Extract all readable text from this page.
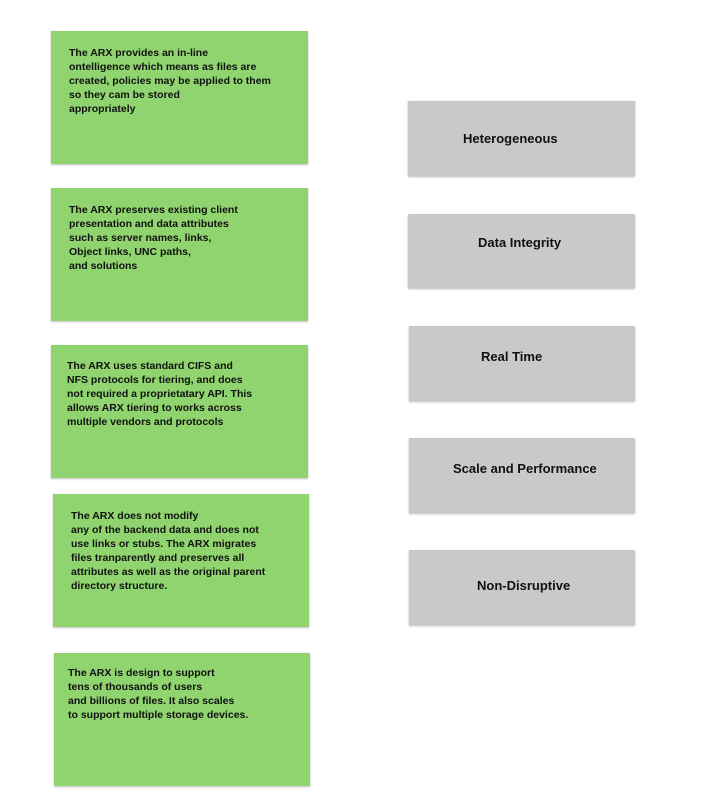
The ARX provides an in-line
ontelligence which means as files are
created, policies may be applied to them
so they cam be stored
appropriately
The ARX preserves existing client
presentation and data attributes
such as server names, links,
Object links, UNC paths,
and solutions
The ARX uses standard CIFS and
NFS protocols for tiering, and does
not required a proprietatary API. This
allows ARX tiering to works across
multiple vendors and protocols
The ARX does not modify
any of the backend data and does not
use links or stubs. The ARX migrates
files tranparently and preserves all
attributes as well as the original parent
directory structure.
The ARX is design to support
tens of thousands of users
and billions of files. It also scales
to support multiple storage devices.
Heterogeneous
Data Integrity
Real Time
Scale and Performance
Non-Disruptive
